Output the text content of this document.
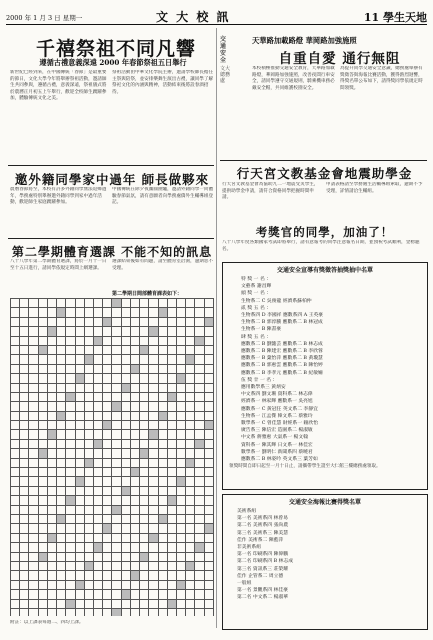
2000 年 1 月 3 日 星期一	文 大 校 訊	11 學生天地
千禧祭祖不同凡響
遵循古禮意義深遠 2000 年春節祭祖五日舉行
新世紀已經到來，在中國傳統「春節」是最重要的節日，文化大學今年將舉辦祭祖活動，邀請師生共同參與，遵循古禮，意義深遠，祭祖儀式將於農曆正月初五上午舉行，歡迎全校師生踴躍參加，體驗傳統文化之美。
祭祖活動由中華文化學院主辦，邀請學校師長擔任主祭與陪祭，並安排樂舞生演出古禮，讓同學了解祭祀文化的內涵與精神，活動結束後將設春酒招待。
邀外籍同學家中過年 師長做夥來
農曆春節將至，本校有許多外籍同學無法返鄉過年，學務處特別舉辦邀外籍同學到家中過年活動，歡迎師生家庭踴躍參加。
中國傳統在除夕夜團圓圍爐，邀請外籍同學一同體驗春節氣氛，請有意願者向學務處僑外生輔導組登記。
第二學期體育選課 不能不知的訊息
八十八學年第二學期體育選課，將於一月十一日至十五日進行，請同學依規定時間上網選課。
選課結束後如有問題，請至體育室洽詢，逾期恕不受理。
第二學期日間部體育課表如下：

附註：以上課表每週二、四均上課。
交通安全
文大總務處
天華路加載路燈 華岡路加強施照
自重自愛 通行無阻
本校積極推動交通安全教育，天華路加載路燈，華岡路加強施照，改善夜間行車安全，請同學遵守交通規則，騎乘機車務必戴安全帽，共同維護校園安全。
為提升同學交通安全意識，總務處舉辦有獎徵答與海報比賽活動，獲得熱烈迴響，得獎名單公布如下，請得獎同學依規定時間領獎。
行天宮文教基金會地震助學金
行天宮文教基金會為協助九二一地震受災學生，提供助學金申請，請符合資格同學把握時間申請。
申請表格請至學務處生活輔導組索取，逾期不予受理，詳情請洽生輔組。
考獎官的同學，加油了！
八十八學年度各類國家考試即將舉行，請有意報考的同學注意報名日期，並預祝考試順利，金榜題名。
交通安全宣導有獎徵答抽獎抽中名單
特 獎 一 名 ：
文藝系 謝昌輝
頭 獎 一 名 ：
生物系二 C 吳俊龍 經濟系蘇柏仲
貳 獎 五 名 ：
生物系四 D 李國祥 應數系四 A 王英豪
生物系二 B 郭淳騰 應數系二 B 林冠成
生物系一 B 陳書豪
肆 獎 五 名 ：
應數系二 B 劉懿芸 應數系二 B 林志成
應數系二 B 陳建宏 應數系二 B 李欣蓉
應數系一 B 葉怡萍 應數系二 B 黃瓊慧
應數系二 B 郭惠雲 應數系二 B 陳怡婷
應數系二 B 李孝元 應數系二 B 紀敏姍
伍 獎 廿 一 名 ：
應用數學系三 黃炳安
中文系四 劉文珊 資科系二 林志偉
經濟系一 林家輝 應數系一 吳亮旭
應數系一 C 黃冠任 英文系二 李靜宜
生物系一 江孟傑 韓文系二 蔡雅玲
數學系一 C 曾佳慧 財經系一 賴欣怡
廣告系三 陳信宏 造園系二 楊淑敏
中文系 蔣雅惠 大氣系一 楊文翰
資科系一 陳其輝 日文系一 林佳宏
數學系一 劉明仁 新聞系四 蔡曉君
應數系二 B 林姿吟 英文系三 葉芳如
領獎時間自即日起至一月十日止，請攜帶學生證至大仁館三樓總務處領取。
交通安全海報比賽得獎名單
美術系組
第一名 美術系四 林曾易
第二名 美術系四 張尚農
第三名 美術系三 陳美慧
佳作 美術系二 陳藍萍
非美術系組
第一名 印刷系四 陳偉鵬
第二名 印刷系四 B 林志成
第三名 資訊系三 莊榮耀
佳作 企管系二 周立德
一般組
第一名 景觀系四 林佳豪
第二名 中文系二 楊淑華
